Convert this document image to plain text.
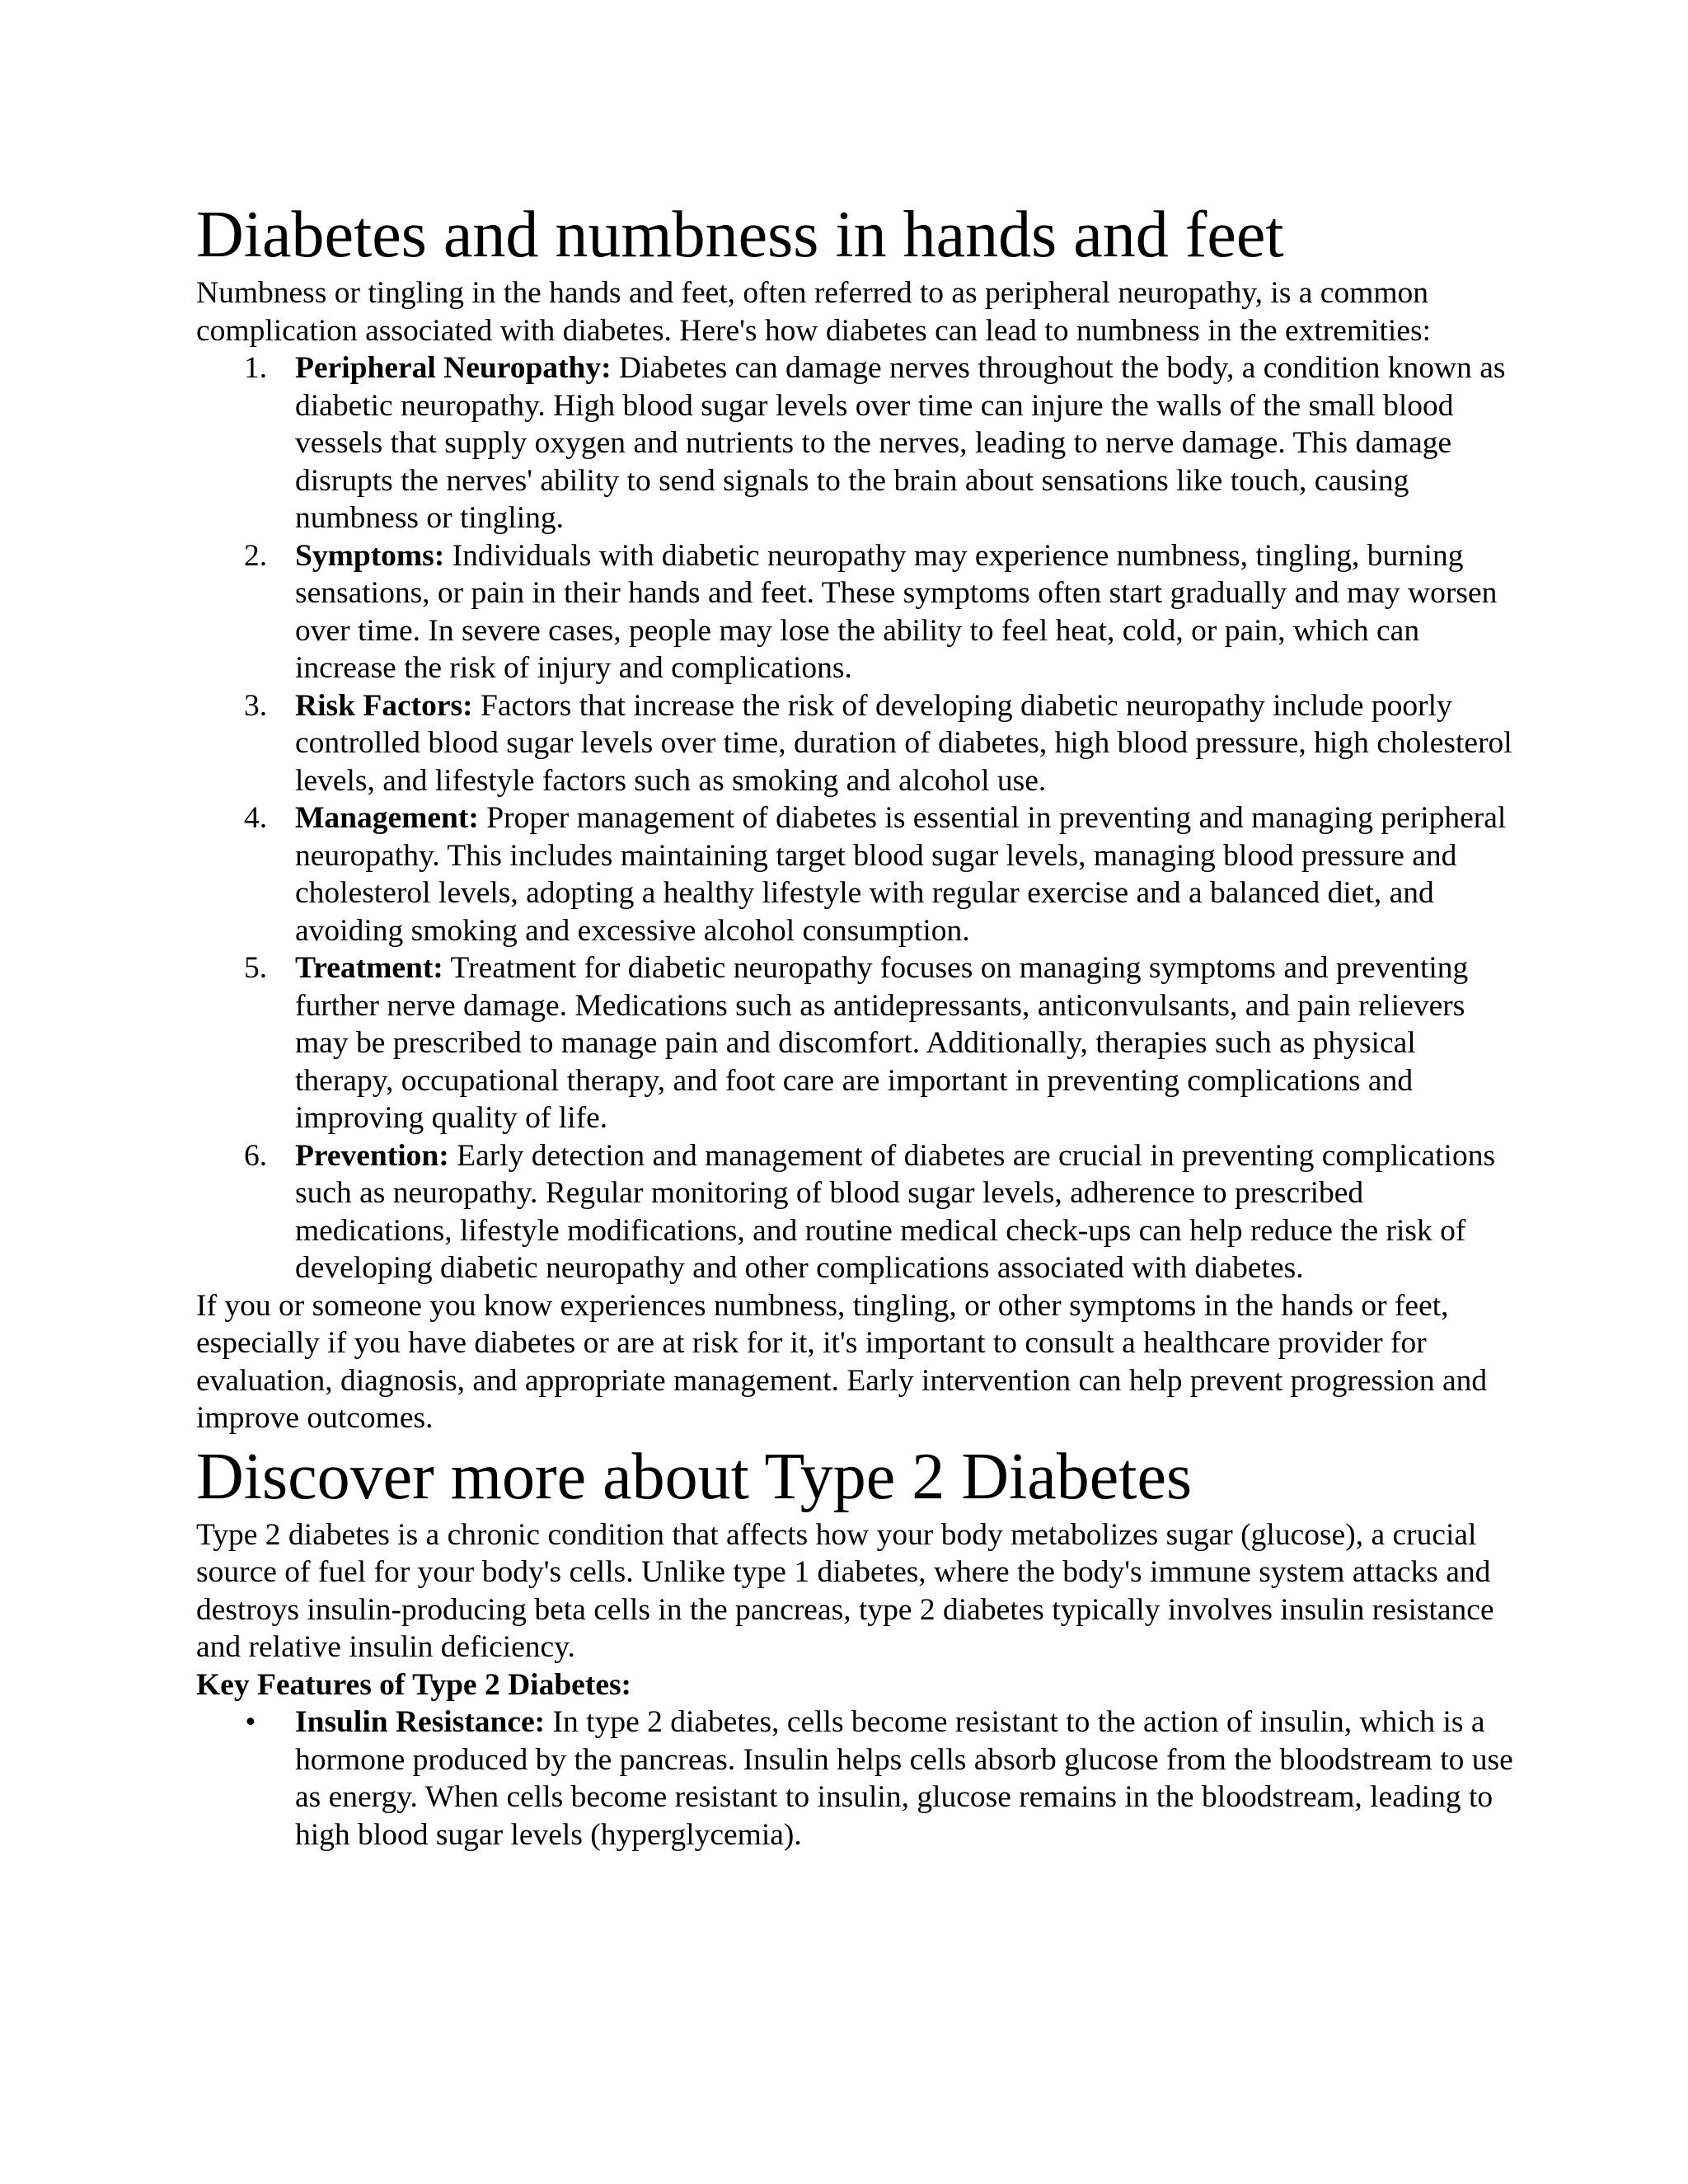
Diabetes and numbness in hands and feet

Numbness or tingling in the hands and feet, often referred to as peripheral neuropathy, is a common complication associated with diabetes. Here's how diabetes can lead to numbness in the extremities:

1. Peripheral Neuropathy: Diabetes can damage nerves throughout the body, a condition known as diabetic neuropathy. High blood sugar levels over time can injure the walls of the small blood vessels that supply oxygen and nutrients to the nerves, leading to nerve damage. This damage disrupts the nerves' ability to send signals to the brain about sensations like touch, causing numbness or tingling.
2. Symptoms: Individuals with diabetic neuropathy may experience numbness, tingling, burning sensations, or pain in their hands and feet. These symptoms often start gradually and may worsen over time. In severe cases, people may lose the ability to feel heat, cold, or pain, which can increase the risk of injury and complications.
3. Risk Factors: Factors that increase the risk of developing diabetic neuropathy include poorly controlled blood sugar levels over time, duration of diabetes, high blood pressure, high cholesterol levels, and lifestyle factors such as smoking and alcohol use.
4. Management: Proper management of diabetes is essential in preventing and managing peripheral neuropathy. This includes maintaining target blood sugar levels, managing blood pressure and cholesterol levels, adopting a healthy lifestyle with regular exercise and a balanced diet, and avoiding smoking and excessive alcohol consumption.
5. Treatment: Treatment for diabetic neuropathy focuses on managing symptoms and preventing further nerve damage. Medications such as antidepressants, anticonvulsants, and pain relievers may be prescribed to manage pain and discomfort. Additionally, therapies such as physical therapy, occupational therapy, and foot care are important in preventing complications and improving quality of life.
6. Prevention: Early detection and management of diabetes are crucial in preventing complications such as neuropathy. Regular monitoring of blood sugar levels, adherence to prescribed medications, lifestyle modifications, and routine medical check-ups can help reduce the risk of developing diabetic neuropathy and other complications associated with diabetes.

If you or someone you know experiences numbness, tingling, or other symptoms in the hands or feet, especially if you have diabetes or are at risk for it, it's important to consult a healthcare provider for evaluation, diagnosis, and appropriate management. Early intervention can help prevent progression and improve outcomes.

Discover more about Type 2 Diabetes

Type 2 diabetes is a chronic condition that affects how your body metabolizes sugar (glucose), a crucial source of fuel for your body's cells. Unlike type 1 diabetes, where the body's immune system attacks and destroys insulin-producing beta cells in the pancreas, type 2 diabetes typically involves insulin resistance and relative insulin deficiency.

Key Features of Type 2 Diabetes:

•	Insulin Resistance: In type 2 diabetes, cells become resistant to the action of insulin, which is a hormone produced by the pancreas. Insulin helps cells absorb glucose from the bloodstream to use as energy. When cells become resistant to insulin, glucose remains in the bloodstream, leading to high blood sugar levels (hyperglycemia).
